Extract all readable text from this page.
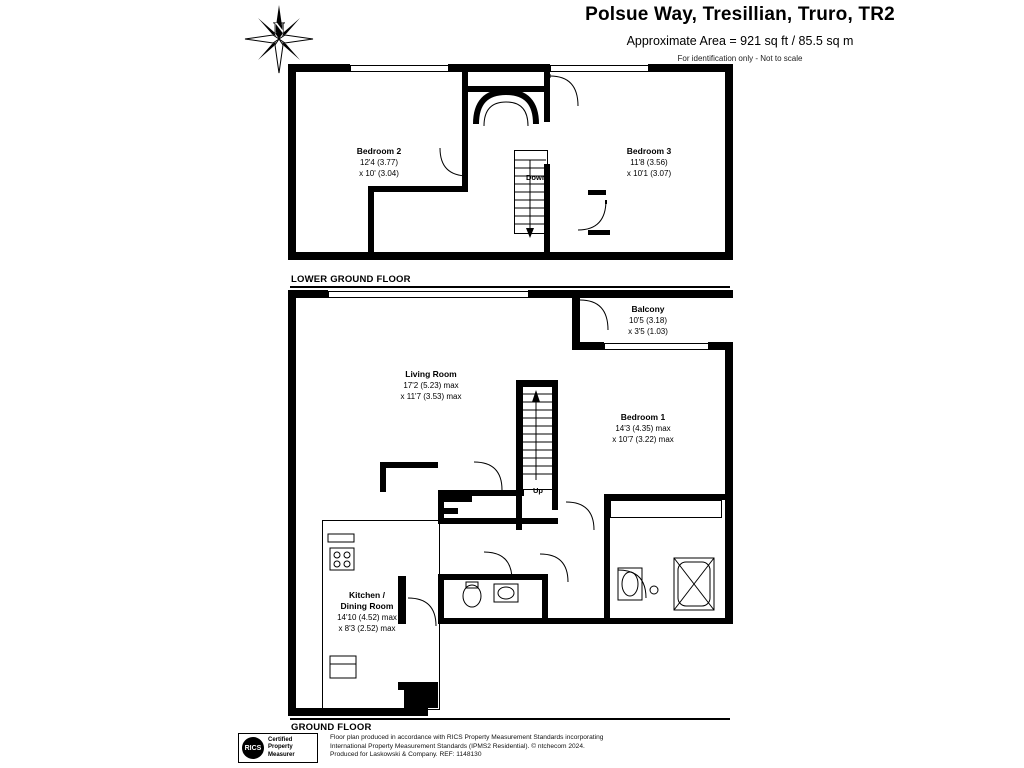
Polsue Way, Tresillian, Truro, TR2
Approximate Area = 921 sq ft / 85.5 sq m
For identification only - Not to scale
N
Bedroom 2
12'4 (3.77)
x 10' (3.04)
Bedroom 3
11'8 (3.56)
x 10'1 (3.07)
Down
LOWER GROUND FLOOR
Balcony
10'5 (3.18)
x 3'5 (1.03)
Living Room
17'2 (5.23) max
x 11'7 (3.53) max
Bedroom 1
14'3 (4.35) max
x 10'7 (3.22) max
Kitchen /
Dining Room
14'10 (4.52) max
x 8'3 (2.52) max
Up
GROUND FLOOR
RICS
Certified
Property
Measurer
Floor plan produced in accordance with RICS Property Measurement Standards incorporating
International Property Measurement Standards (IPMS2 Residential). © ntchecom 2024.
Produced for Laskowski & Company. REF: 1148130
